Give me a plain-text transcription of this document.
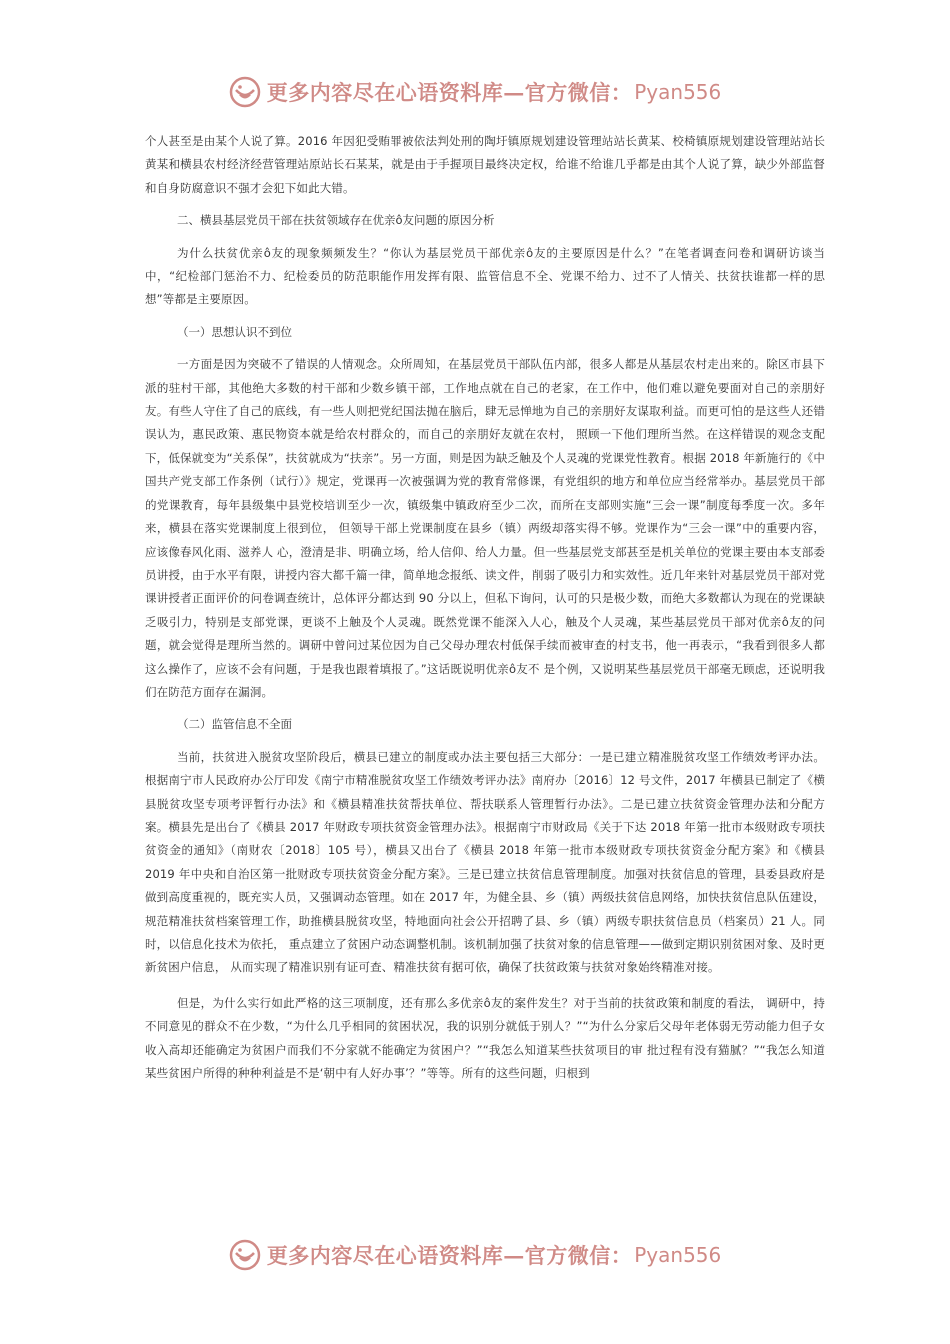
更多内容尽在心语资料库—官方微信： Pyan556

个人甚至是由某个人说了算。2016 年因犯受贿罪被依法判处刑的陶圩镇原规划建设管理站站长黄某、校椅镇原规划建设管理站站长黄某和横县农村经济经营管理站原站长石某某，就是由于手握项目最终决定权，给谁不给谁几乎都是由其个人说了算，缺少外部监督和自身防腐意识不强才会犯下如此大错。

二、横县基层党员干部在扶贫领域存在优亲ô友问题的原因分析

为什么扶贫优亲ô友的现象频频发生？“你认为基层党员干部优亲ô友的主要原因是什么？”在笔者调查问卷和调研访谈当中，“纪检部门惩治不力、纪检委员的防范职能作用发挥有限、监管信息不全、党课不给力、过不了人情关、扶贫扶谁都一样的思想”等都是主要原因。

（一）思想认识不到位

一方面是因为突破不了错误的人情观念。众所周知，在基层党员干部队伍内部，很多人都是从基层农村走出来的。除区市县下派的驻村干部，其他绝大多数的村干部和少数乡镇干部，工作地点就在自己的老家，在工作中，他们难以避免要面对自己的亲朋好友。有些人守住了自己的底线，有一些人则把党纪国法抛在脑后，肆无忌惮地为自己的亲朋好友谋取利益。而更可怕的是这些人还错误认为，惠民政策、惠民物资本就是给农村群众的，而自己的亲朋好友就在农村， 照顾一下他们理所当然。在这样错误的观念支配下，低保就变为“关系保”，扶贫就成为“扶亲”。另一方面，则是因为缺乏触及个人灵魂的党课党性教育。根据 2018 年新施行的《中国共产党支部工作条例（试行）》规定，党课再一次被强调为党的教育常修课，有党组织的地方和单位应当经常举办。基层党员干部的党课教育，每年县级集中县党校培训至少一次，镇级集中镇政府至少二次，而所在支部则实施“三会一课”制度每季度一次。多年来，横县在落实党课制度上很到位， 但领导干部上党课制度在县乡（镇）两级却落实得不够。党课作为“三会一课”中的重要内容，应该像春风化雨、滋养人 心，澄清是非、明确立场，给人信仰、给人力量。但一些基层党支部甚至是机关单位的党课主要由本支部委员讲授，由于水平有限，讲授内容大都千篇一律，简单地念报纸、读文件，削弱了吸引力和实效性。近几年来针对基层党员干部对党课讲授者正面评价的问卷调查统计，总体评分都达到 90 分以上，但私下询问，认可的只是极少数，而绝大多数都认为现在的党课缺乏吸引力，特别是支部党课，更谈不上触及个人灵魂。既然党课不能深入人心，触及个人灵魂，某些基层党员干部对优亲ô友的问题，就会觉得是理所当然的。调研中曾问过某位因为自己父母办理农村低保手续而被审查的村支书，他一再表示，“我看到很多人都这么操作了，应该不会有问题，于是我也跟着填报了。”这话既说明优亲ô友不 是个例，又说明某些基层党员干部毫无顾虑，还说明我们在防范方面存在漏洞。

（二）监管信息不全面

当前，扶贫进入脱贫攻坚阶段后，横县已建立的制度或办法主要包括三大部分：一是已建立精准脱贫攻坚工作绩效考评办法。根据南宁市人民政府办公厅印发《南宁市精准脱贫攻坚工作绩效考评办法》南府办〔2016〕12 号文件，2017 年横县已制定了《横县脱贫攻坚专项考评暂行办法》和《横县精准扶贫帮扶单位、帮扶联系人管理暂行办法》。二是已建立扶贫资金管理办法和分配方案。横县先是出台了《横县 2017 年财政专项扶贫资金管理办法》。根据南宁市财政局《关于下达 2018 年第一批市本级财政专项扶贫资金的通知》（南财农〔2018〕105 号），横县又出台了《横县 2018 年第一批市本级财政专项扶贫资金分配方案》和《横县 2019 年中央和自治区第一批财政专项扶贫资金分配方案》。三是已建立扶贫信息管理制度。加强对扶贫信息的管理，县委县政府是做到高度重视的，既充实人员，又强调动态管理。如在 2017 年，为健全县、乡（镇）两级扶贫信息网络，加快扶贫信息队伍建设，规范精准扶贫档案管理工作，助推横县脱贫攻坚，特地面向社会公开招聘了县、乡（镇）两级专职扶贫信息员（档案员）21 人。同时，以信息化技术为依托， 重点建立了贫困户动态调整机制。该机制加强了扶贫对象的信息管理——做到定期识别贫困对象、及时更新贫困户信息， 从而实现了精准识别有证可查、精准扶贫有据可依，确保了扶贫政策与扶贫对象始终精准对接。

但是，为什么实行如此严格的这三项制度，还有那么多优亲ô友的案件发生？对于当前的扶贫政策和制度的看法， 调研中，持不同意见的群众不在少数，“为什么几乎相同的贫困状况，我的识别分就低于别人？”“为什么分家后父母年老体弱无劳动能力但子女收入高却还能确定为贫困户而我们不分家就不能确定为贫困户？”“我怎么知道某些扶贫项目的审 批过程有没有猫腻？”“我怎么知道某些贫困户所得的种种利益是不是‘朝中有人好办事’？”等等。所有的这些问题，归根到

更多内容尽在心语资料库—官方微信： Pyan556
